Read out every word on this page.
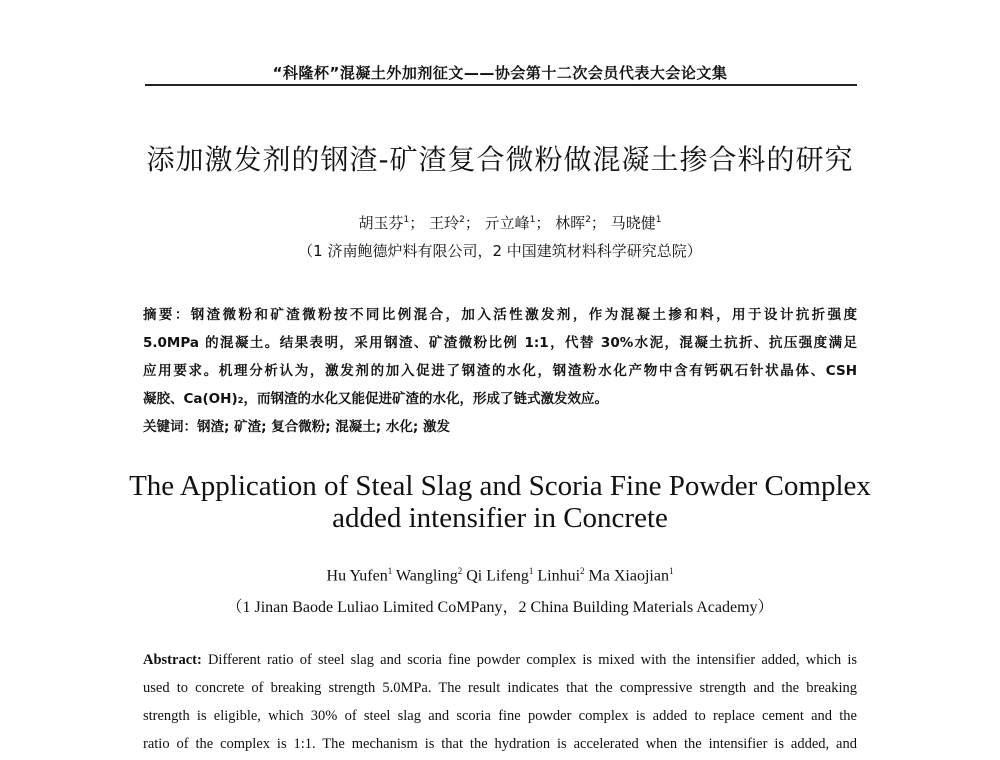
“科隆杯”混凝土外加剂征文——协会第十二次会员代表大会论文集
添加激发剂的钢渣-矿渣复合微粉做混凝土掺合料的研究
胡玉芬$^1$； 王玲$^2$； 亓立峰$^1$； 林晖$^2$； 马晓健$^1$
（1 济南鲍德炉料有限公司，2 中国建筑材料科学研究总院）
摘要：钢渣微粉和矿渣微粉按不同比例混合，加入活性激发剂，作为混凝土掺和料，用于设计抗折强度
5.0MPa 的混凝土。结果表明，采用钢渣、矿渣微粉比例 1:1，代替 30%水泥，混凝土抗折、抗压强度满足
应用要求。机理分析认为，激发剂的加入促进了钢渣的水化，钢渣粉水化产物中含有钙矾石针状晶体、CSH
凝胶、Ca(OH)₂，而钢渣的水化又能促进矿渣的水化，形成了链式激发效应。
关键词：钢渣; 矿渣; 复合微粉; 混凝土; 水化; 激发
The Application of Steal Slag and Scoria Fine Powder Complex
added intensifier in Concrete
Hu Yufen$^1$ Wangling$^2$ Qi Lifeng$^1$ Linhui$^2$ Ma Xiaojian$^1$
（1 Jinan Baode Luliao Limited CoMPany，2 China Building Materials Academy）
Abstract: Different ratio of steel slag and scoria fine powder complex is mixed with the intensifier added, which is
used to concrete of breaking strength 5.0MPa. The result indicates that the compressive strength and the breaking
strength is eligible, which 30% of steel slag and scoria fine powder complex is added to replace cement and the
ratio of the complex is 1:1. The mechanism is that the hydration is accelerated when the intensifier is added, and
